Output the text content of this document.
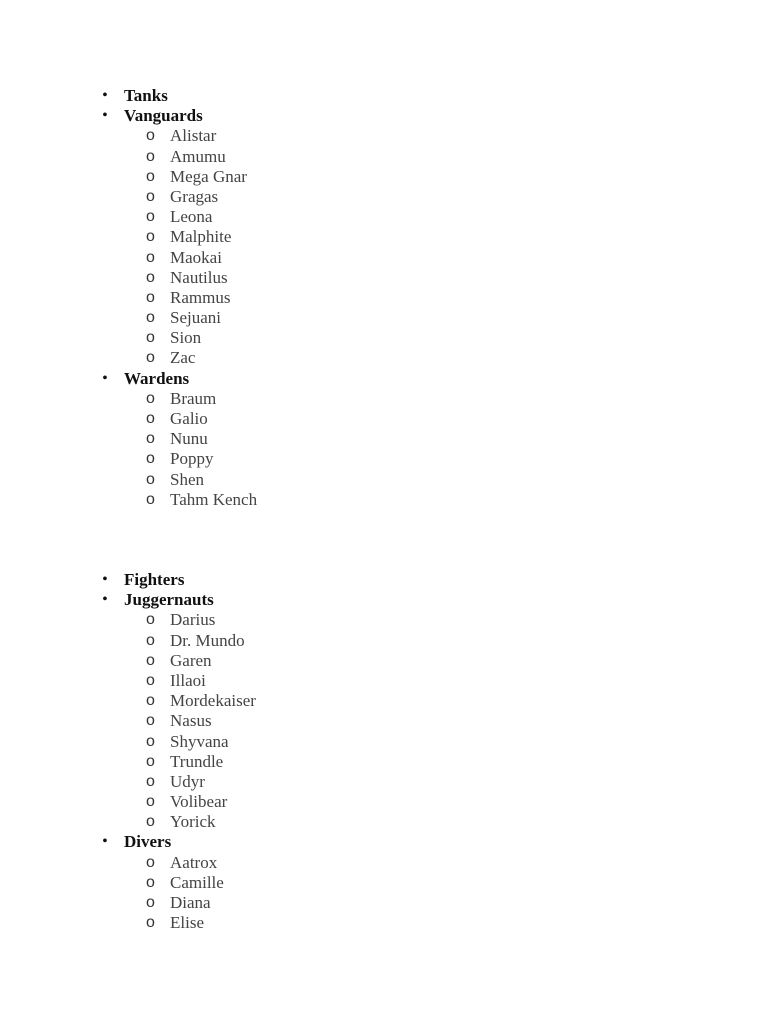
• Tanks
• Vanguards
o Alistar
o Amumu
o Mega Gnar
o Gragas
o Leona
o Malphite
o Maokai
o Nautilus
o Rammus
o Sejuani
o Sion
o Zac
• Wardens
o Braum
o Galio
o Nunu
o Poppy
o Shen
o Tahm Kench
• Fighters
• Juggernauts
o Darius
o Dr. Mundo
o Garen
o Illaoi
o Mordekaiser
o Nasus
o Shyvana
o Trundle
o Udyr
o Volibear
o Yorick
• Divers
o Aatrox
o Camille
o Diana
o Elise
